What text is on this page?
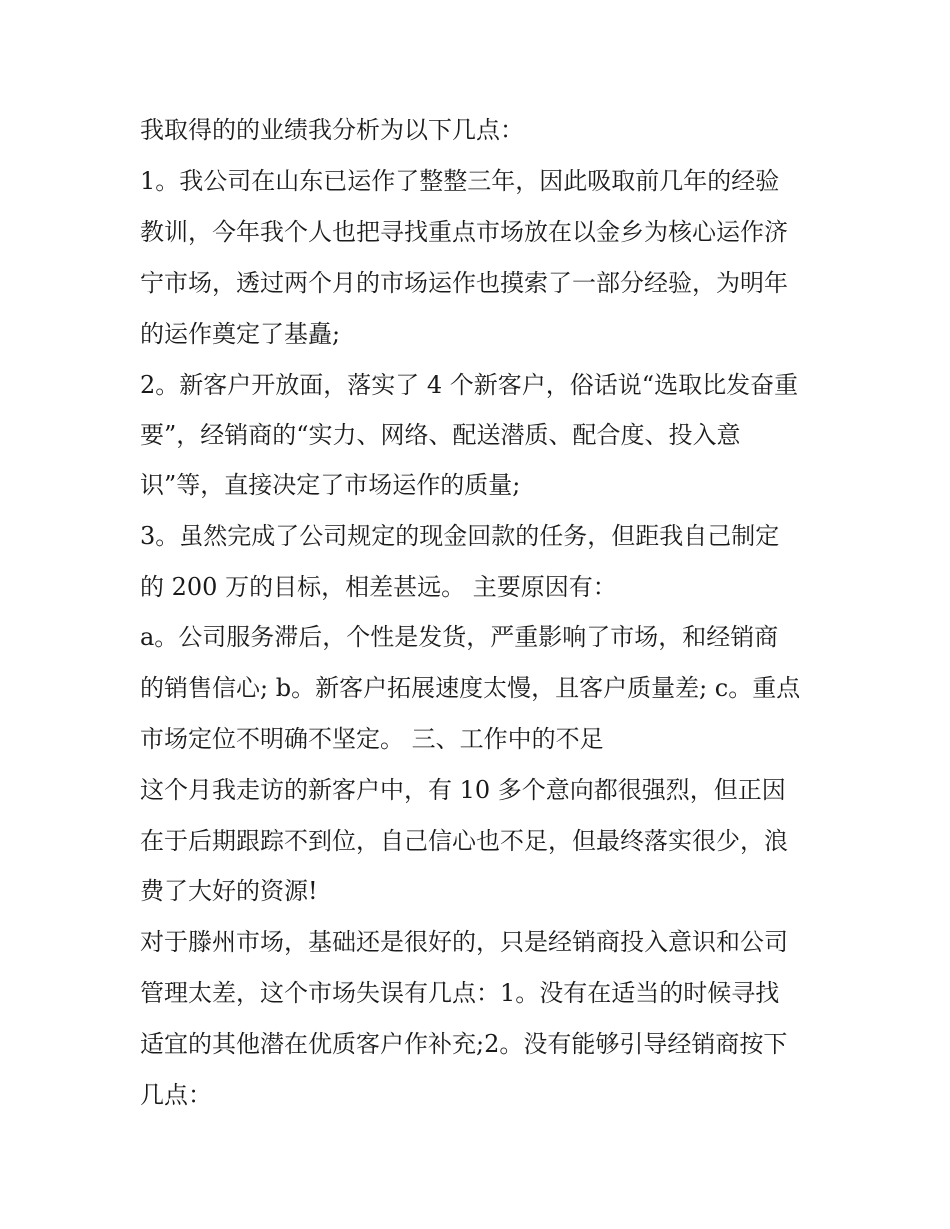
我取得的的业绩我分析为以下几点：
1。我公司在山东已运作了整整三年，因此吸取前几年的经验
教训，今年我个人也把寻找重点市场放在以金乡为核心运作济
宁市场，透过两个月的市场运作也摸索了一部分经验，为明年
的运作奠定了基矗;
2。新客户开放面，落实了 4 个新客户，俗话说“选取比发奋重
要”，经销商的“实力、网络、配送潜质、配合度、投入意
识”等，直接决定了市场运作的质量;
3。虽然完成了公司规定的现金回款的任务，但距我自己制定
的 200 万的目标，相差甚远。 主要原因有：
a。公司服务滞后，个性是发货，严重影响了市场，和经销商
的销售信心; b。新客户拓展速度太慢，且客户质量差; c。重点
市场定位不明确不坚定。 三、工作中的不足
这个月我走访的新客户中，有 10 多个意向都很强烈，但正因
在于后期跟踪不到位，自己信心也不足，但最终落实很少，浪
费了大好的资源!
对于滕州市场，基础还是很好的，只是经销商投入意识和公司
管理太差，这个市场失误有几点：1。没有在适当的时候寻找
适宜的其他潜在优质客户作补充;2。没有能够引导经销商按下
几点：
